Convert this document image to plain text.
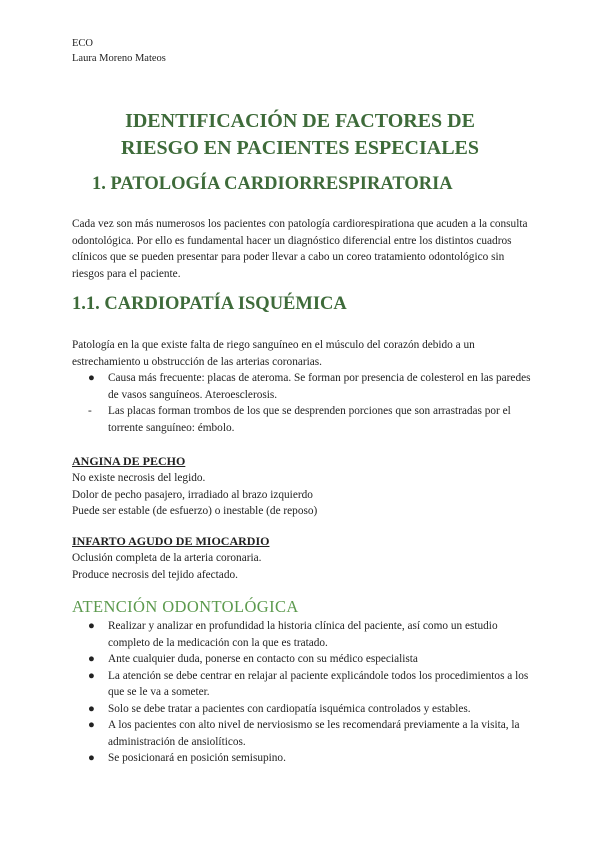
ECO
Laura Moreno Mateos
IDENTIFICACIÓN DE FACTORES DE
RIESGO EN PACIENTES ESPECIALES
1. PATOLOGÍA CARDIORRESPIRATORIA
Cada vez son más numerosos los pacientes con patología cardiorespirationa que acuden a la consulta odontológica. Por ello es fundamental hacer un diagnóstico diferencial entre los distintos cuadros clínicos que se pueden presentar para poder llevar a cabo un coreo tratamiento odontológico sin riesgos para el paciente.
1.1. CARDIOPATÍA ISQUÉMICA
Patología en la que existe falta de riego sanguíneo en el músculo del corazón debido a un estrechamiento u obstrucción de las arterias coronarias.
● Causa más frecuente: placas de ateroma. Se forman por presencia de colesterol en las paredes de vasos sanguíneos. Ateroesclerosis.
- Las placas forman trombos de los que se desprenden porciones que son arrastradas por el torrente sanguíneo: émbolo.
ANGINA DE PECHO
No existe necrosis del legido.
Dolor de pecho pasajero, irradiado al brazo izquierdo
Puede ser estable (de esfuerzo) o inestable (de reposo)
INFARTO AGUDO DE MIOCARDIO
Oclusión completa de la arteria coronaria.
Produce necrosis del tejido afectado.
ATENCIÓN ODONTOLÓGICA
● Realizar y analizar en profundidad la historia clínica del paciente, así como un estudio completo de la medicación con la que es tratado.
● Ante cualquier duda, ponerse en contacto con su médico especialista
● La atención se debe centrar en relajar al paciente explicándole todos los procedimientos a los que se le va a someter.
● Solo se debe tratar a pacientes con cardiopatía isquémica controlados y estables.
● A los pacientes con alto nivel de nerviosismo se les recomendará previamente a la visita, la administración de ansiolíticos.
● Se posicionará en posición semisupino.
